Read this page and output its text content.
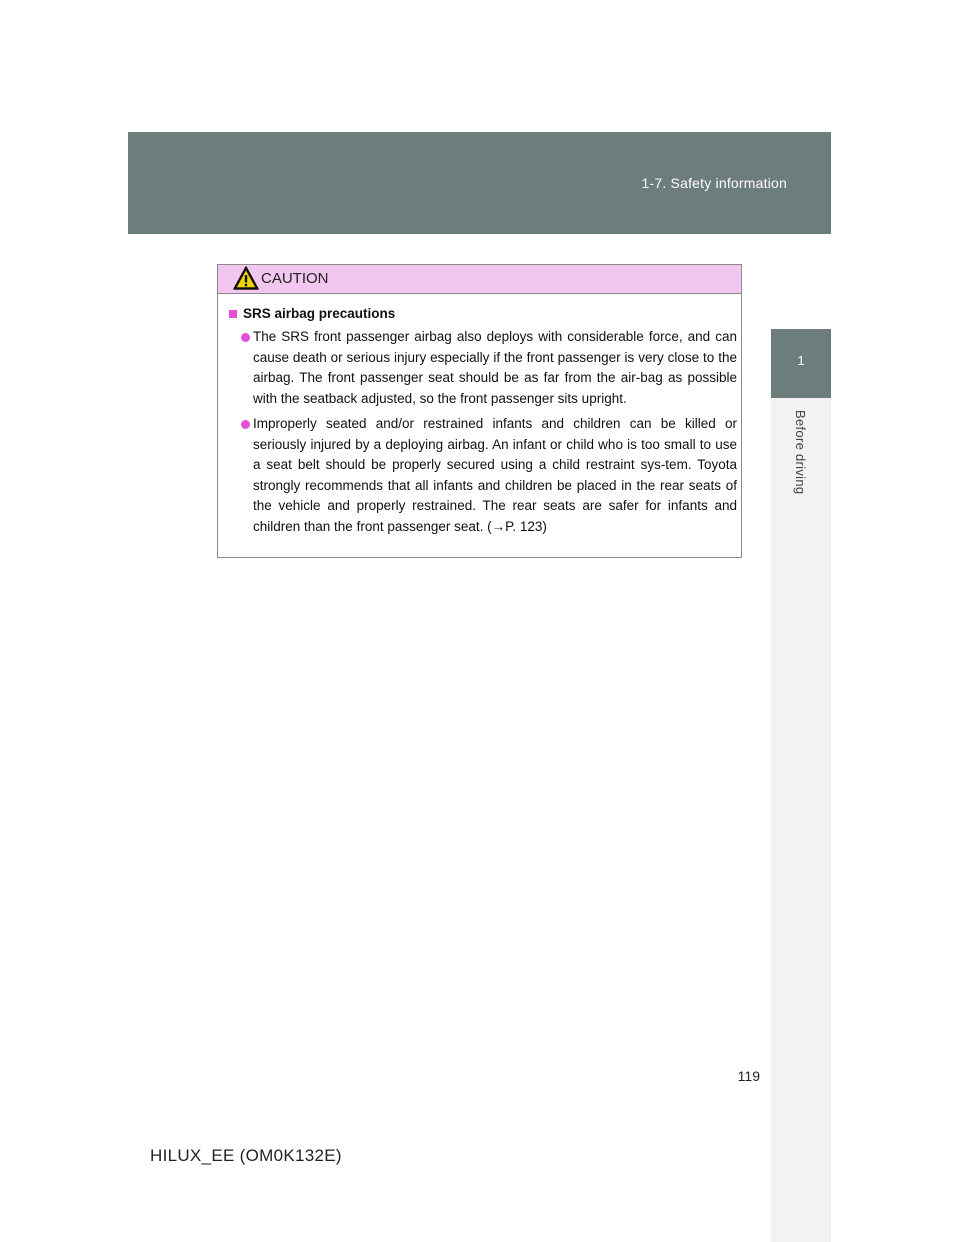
1-7. Safety information
1
Before driving
CAUTION
SRS airbag precautions
The SRS front passenger airbag also deploys with considerable force, and can cause death or serious injury especially if the front passenger is very close to the airbag. The front passenger seat should be as far from the air-bag as possible with the seatback adjusted, so the front passenger sits upright.
Improperly seated and/or restrained infants and children can be killed or seriously injured by a deploying airbag. An infant or child who is too small to use a seat belt should be properly secured using a child restraint sys-tem. Toyota strongly recommends that all infants and children be placed in the rear seats of the vehicle and properly restrained. The rear seats are safer for infants and children than the front passenger seat. (→P. 123)
119
HILUX_EE (OM0K132E)
